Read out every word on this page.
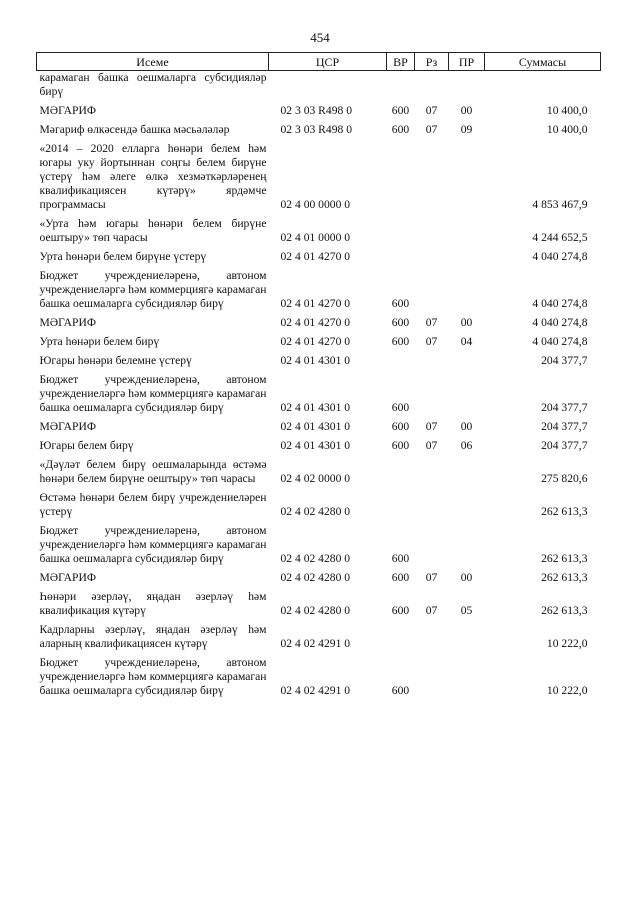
454
Исеме	ЦСР	ВР	Рз	ПР	Суммасы
карамаган башка оешмаларга субсидияләр бирү					
МӘГАРИФ	02 3 03 R498 0	600	07	00	10 400,0
Мәгариф өлкәсендә башка мәсьәләләр	02 3 03 R498 0	600	07	09	10 400,0
«2014 – 2020 елларга һөнәри белем һәм югары уку йортыннан соңгы белем бирүне үстерү һәм әлеге өлкә хезмәткәрләренең квалификациясен күтәрү» ярдәмче программасы	02 4 00 0000 0				4 853 467,9
«Урта һәм югары һөнәри белем бирүне оештыру» төп чарасы	02 4 01 0000 0				4 244 652,5
Урта һөнәри белем бирүне үстерү	02 4 01 4270 0				4 040 274,8
Бюджет учреждениеләренә, автоном учреждениеләргә һәм коммерциягә карамаган башка оешмаларга субсидияләр бирү	02 4 01 4270 0	600			4 040 274,8
МӘГАРИФ	02 4 01 4270 0	600	07	00	4 040 274,8
Урта һөнәри белем бирү	02 4 01 4270 0	600	07	04	4 040 274,8
Югары һөнәри белемне үстерү	02 4 01 4301 0				204 377,7
Бюджет учреждениеләренә, автоном учреждениеләргә һәм коммерциягә карамаган башка оешмаларга субсидияләр бирү	02 4 01 4301 0	600			204 377,7
МӘГАРИФ	02 4 01 4301 0	600	07	00	204 377,7
Югары белем бирү	02 4 01 4301 0	600	07	06	204 377,7
«Дәүләт белем бирү оешмаларында өстәмә һөнәри белем бирүне оештыру» төп чарасы	02 4 02 0000 0				275 820,6
Өстәмә һөнәри белем бирү учреждениеләрен үстерү	02 4 02 4280 0				262 613,3
Бюджет учреждениеләренә, автоном учреждениеләргә һәм коммерциягә карамаган башка оешмаларга субсидияләр бирү	02 4 02 4280 0	600			262 613,3
МӘГАРИФ	02 4 02 4280 0	600	07	00	262 613,3
Һөнәри әзерләү, яңадан әзерләү һәм квалификация күтәрү	02 4 02 4280 0	600	07	05	262 613,3
Кадрларны әзерләү, яңадан әзерләү һәм аларның квалификациясен күтәрү	02 4 02 4291 0				10 222,0
Бюджет учреждениеләренә, автоном учреждениеләргә һәм коммерциягә карамаган башка оешмаларга субсидияләр бирү	02 4 02 4291 0	600			10 222,0
